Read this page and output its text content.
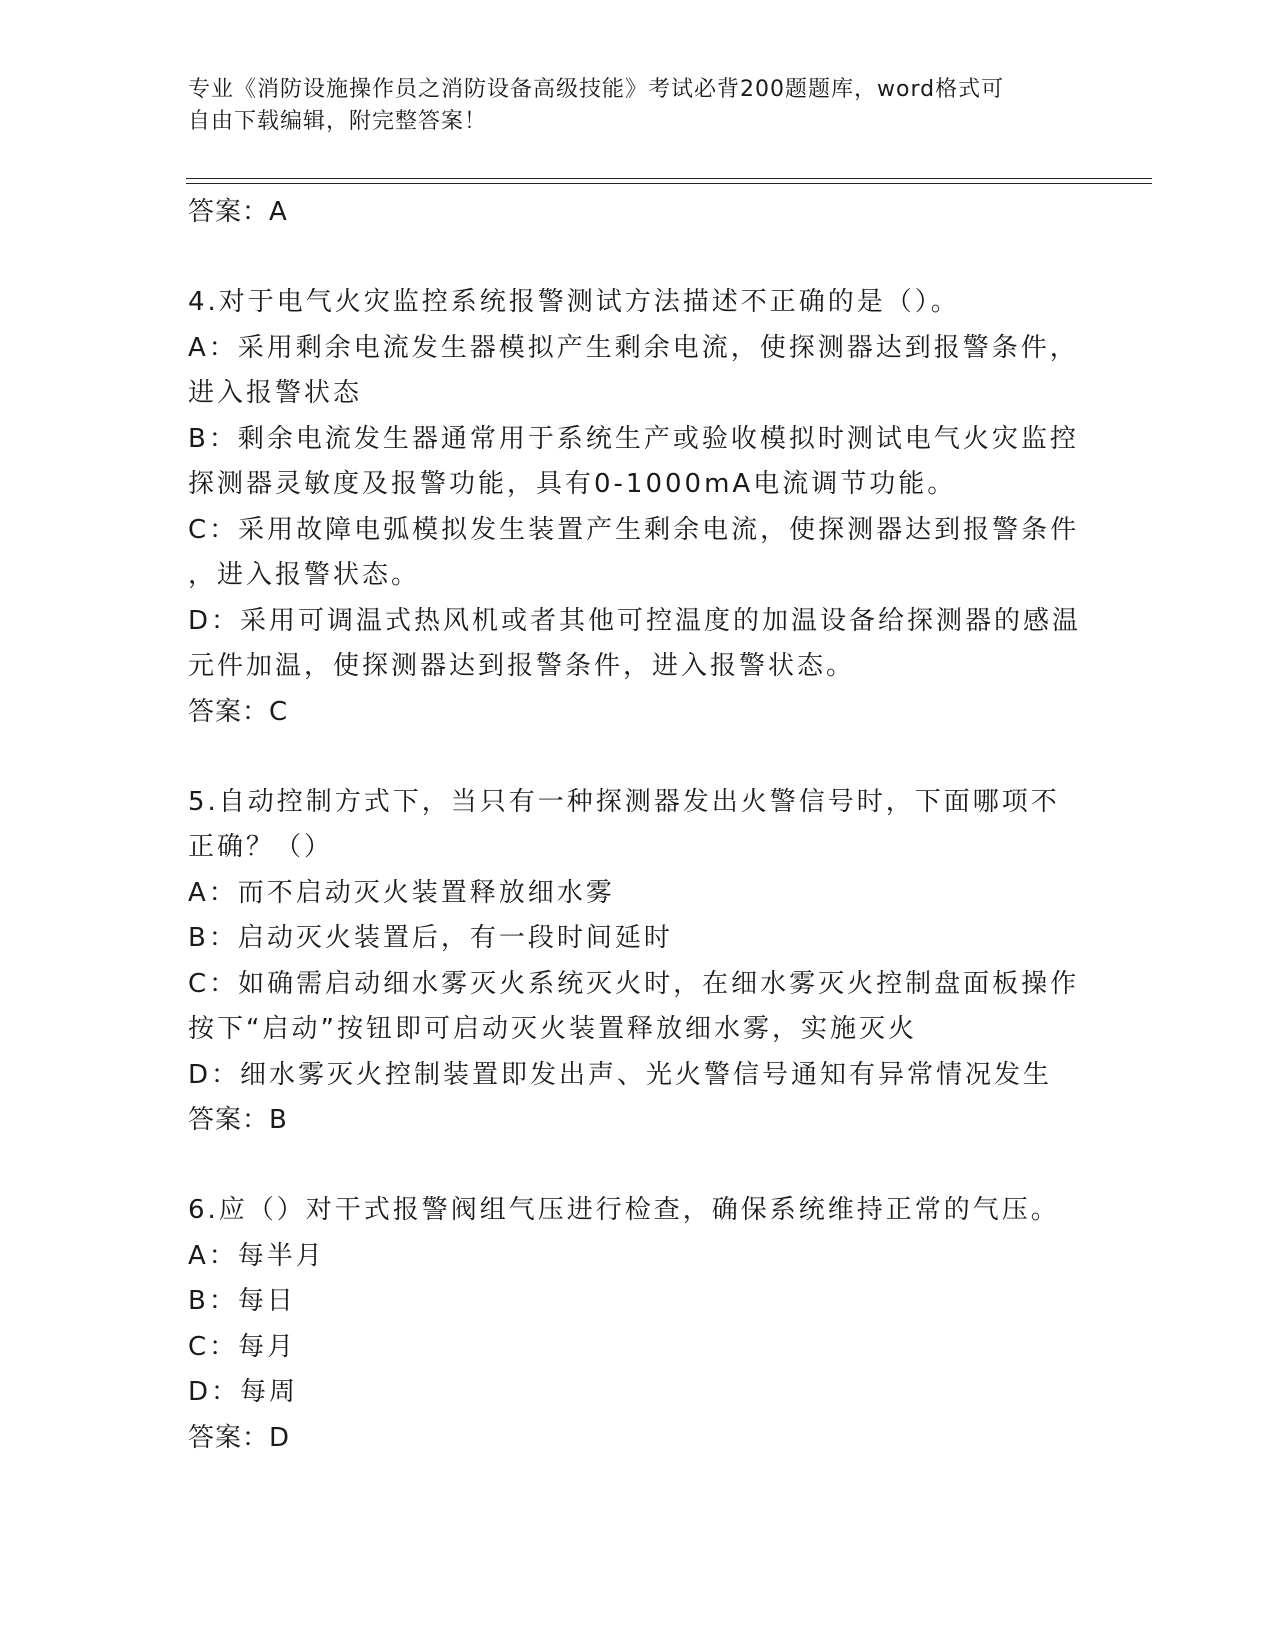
专业《消防设施操作员之消防设备高级技能》考试必背200题题库，word格式可
自由下载编辑，附完整答案！
答案：A
4.对于电气火灾监控系统报警测试方法描述不正确的是（）。
A：采用剩余电流发生器模拟产生剩余电流，使探测器达到报警条件，
进入报警状态
B：剩余电流发生器通常用于系统生产或验收模拟时测试电气火灾监控
探测器灵敏度及报警功能，具有0-1000mA电流调节功能。
C：采用故障电弧模拟发生装置产生剩余电流，使探测器达到报警条件
，进入报警状态。
D：采用可调温式热风机或者其他可控温度的加温设备给探测器的感温
元件加温，使探测器达到报警条件，进入报警状态。
答案：C
5.自动控制方式下，当只有一种探测器发出火警信号时，下面哪项不
正确？（）
A：而不启动灭火装置释放细水雾
B：启动灭火装置后，有一段时间延时
C：如确需启动细水雾灭火系统灭火时，在细水雾灭火控制盘面板操作
按下“启动”按钮即可启动灭火装置释放细水雾，实施灭火
D：细水雾灭火控制装置即发出声、光火警信号通知有异常情况发生
答案：B
6.应（）对干式报警阀组气压进行检查，确保系统维持正常的气压。
A：每半月
B：每日
C：每月
D：每周
答案：D
